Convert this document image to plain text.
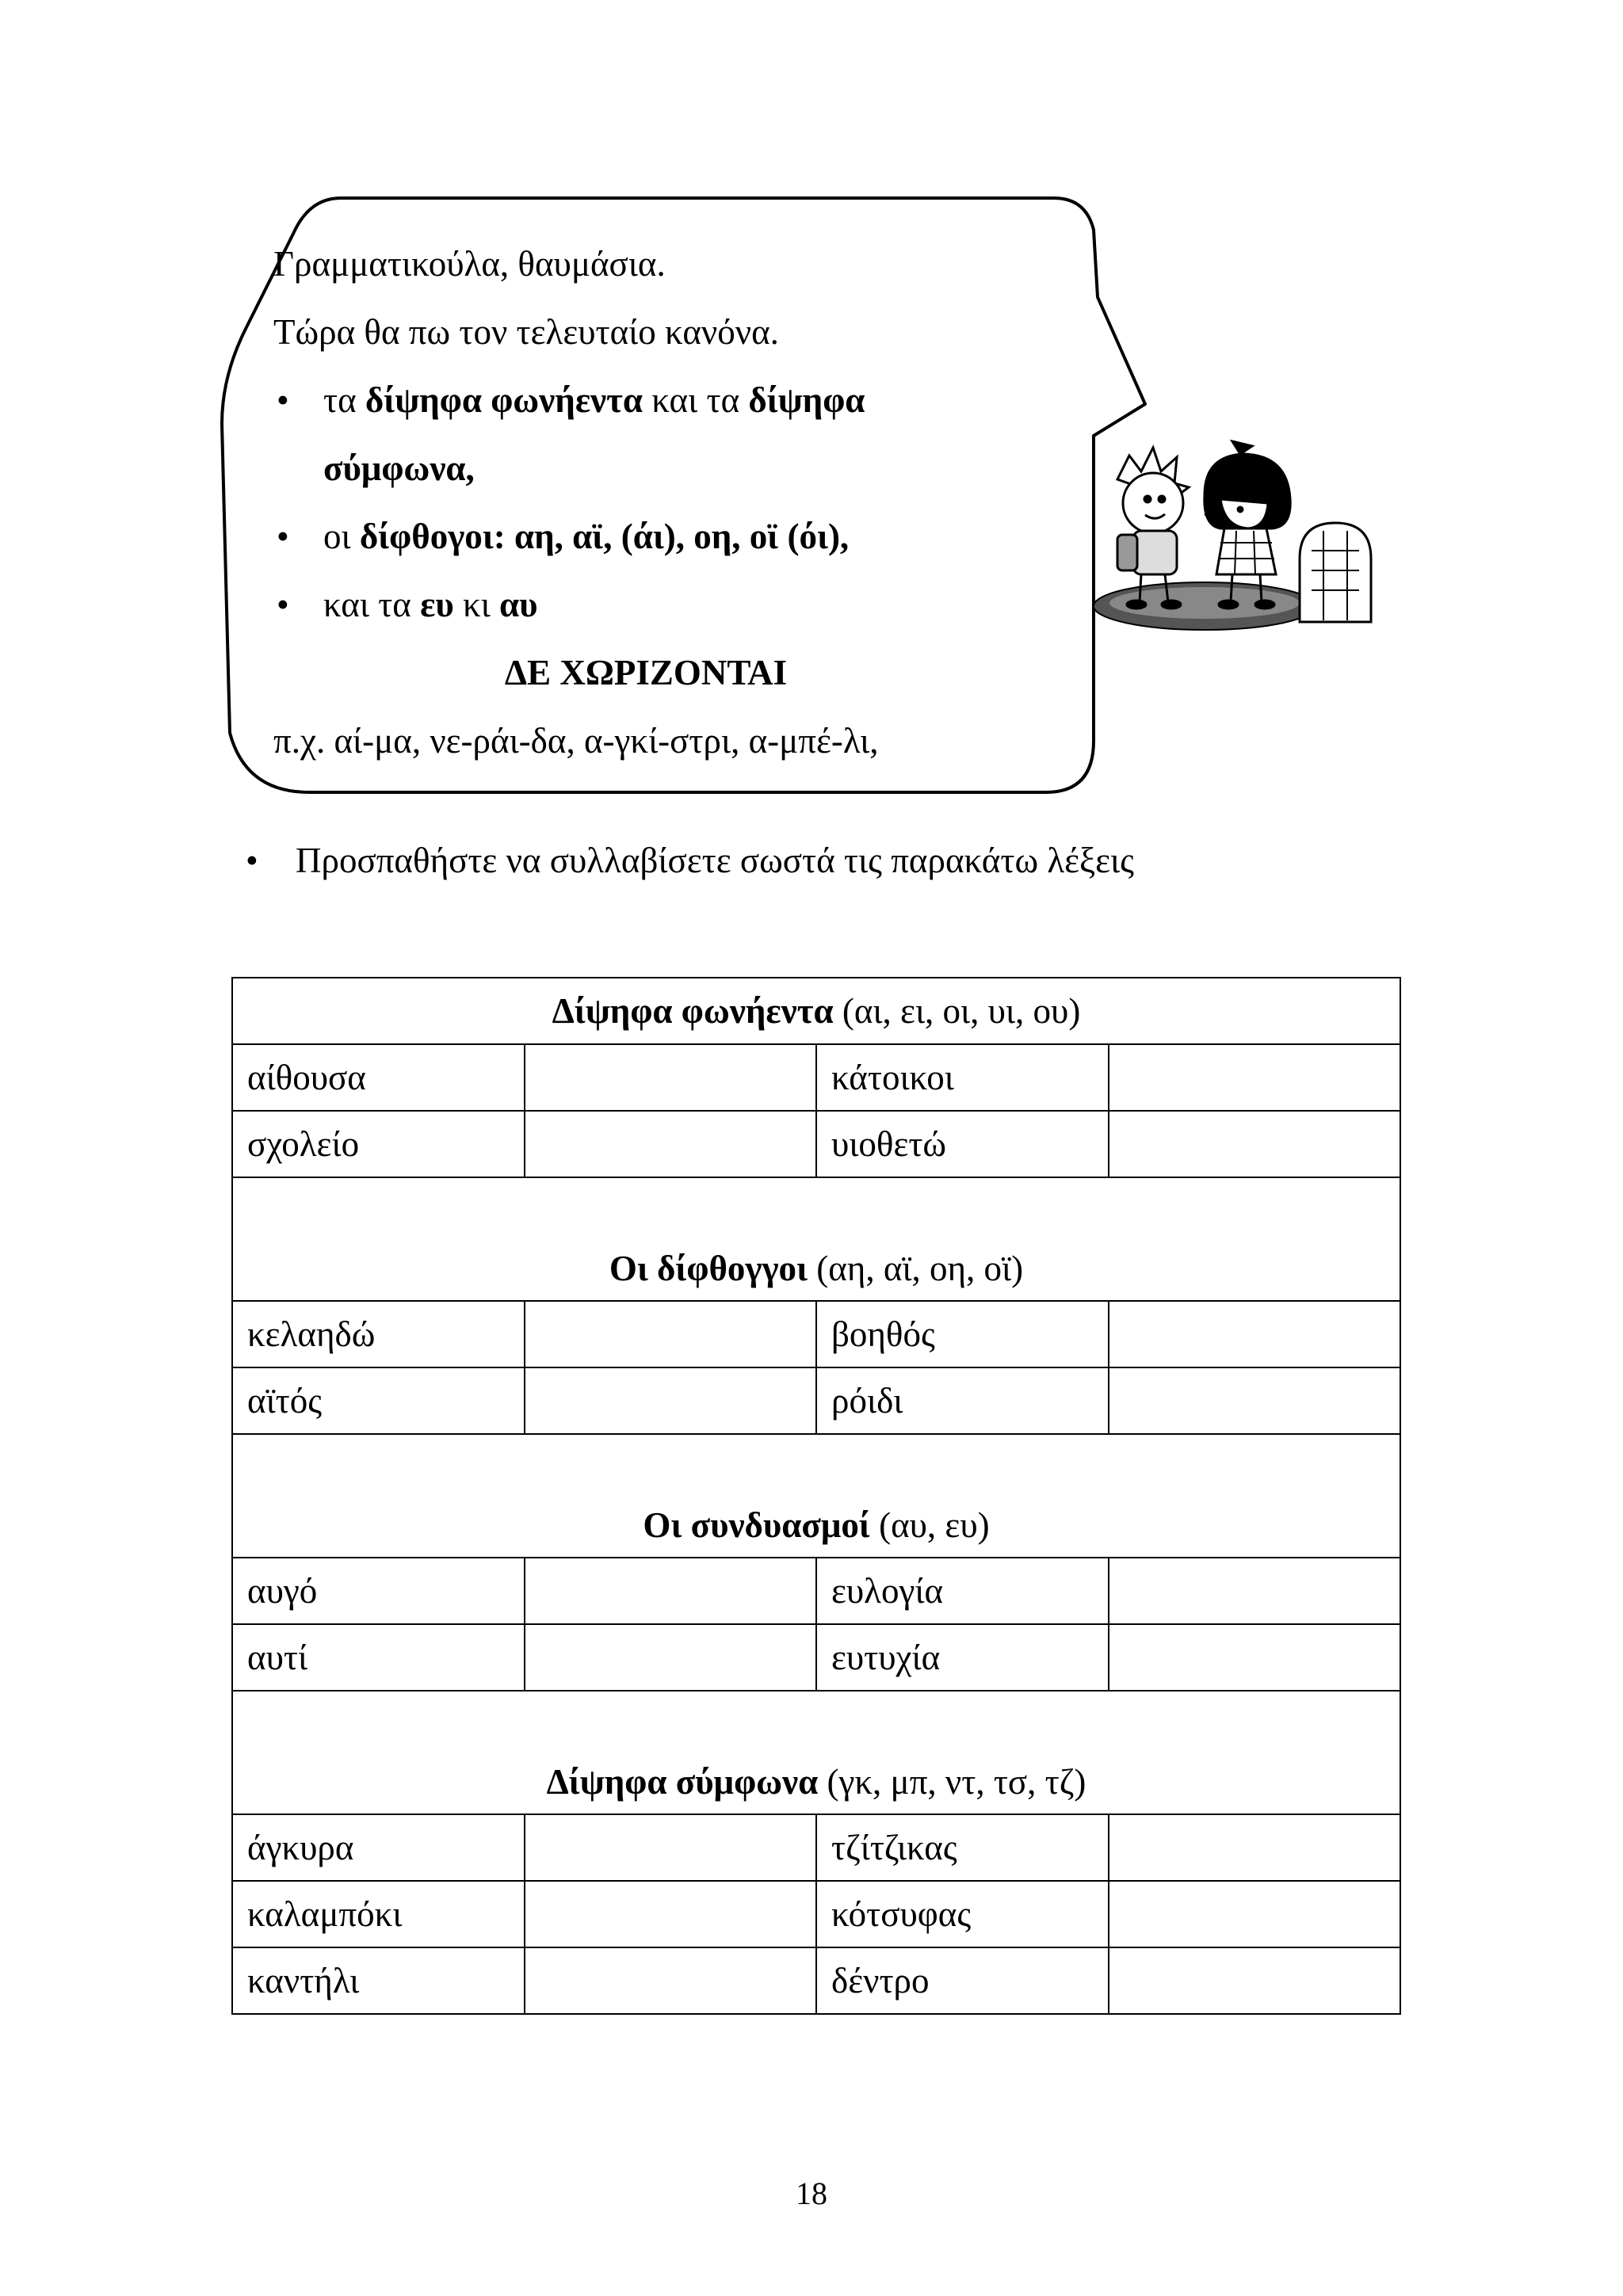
Γραμματικούλα, θαυμάσια.
Τώρα θα πω τον τελευταίο κανόνα.
• τα δίψηφα φωνήεντα και τα δίψηφα
σύμφωνα,
• οι δίφθογοι: αη, αϊ, (άι), οη, οϊ (όι),
• και τα ευ κι αυ
ΔΕ ΧΩΡΙΖΟΝΤΑΙ
π.χ. αί-μα, νε-ράι-δα, α-γκί-στρι, α-μπέ-λι,
• Προσπαθήστε να συλλαβίσετε σωστά τις παρακάτω λέξεις
Δίψηφα φωνήεντα (αι, ει, οι, υι, ου)			
αίθουσα		κάτοικοι	
σχολείο		υιοθετώ	
Οι δίφθογγοι (αη, αϊ, οη, οϊ)			
κελαηδώ		βοηθός	
αϊτός		ρόιδι	
Οι συνδυασμοί (αυ, ευ)			
αυγό		ευλογία	
αυτί		ευτυχία	
Δίψηφα σύμφωνα (γκ, μπ, ντ, τσ, τζ)			
άγκυρα		τζίτζικας	
καλαμπόκι		κότσυφας	
καντήλι		δέντρο	
18
